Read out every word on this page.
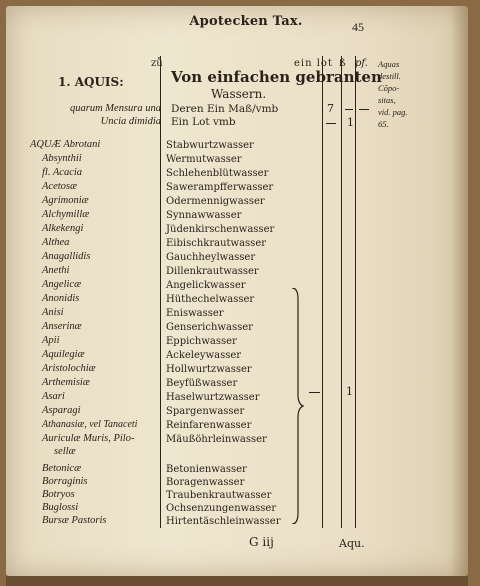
Apotecken Tax.	45
zů	ein lot ß pf.
1. AQUIS:	Von einfachen gebranten
Wassern.
Aquas
destill.
Cõpo-
sitas,
vid. pag.
65.
quarum Mensura una Deren Ein Maß/vmb	7
Uncia dimidia Ein Lot vmb	1
AQUÆ Abrotani	Stabwurtzwasser
Absynthii	Wermutwasser
fl. Acacia	Schlehenblütwasser
Acetosæ	Sawerampfferwasser
Agrimoniæ	Odermennigwasser
Alchymillæ	Synnawwasser
Alkekengi	Jüdenkirschenwasser
Althea	Eibischkrautwasser
Anagallidis	Gauchheylwasser
Anethi	Dillenkrautwasser
Angelicæ	Angelickwasser
Anonidis	Hüthechelwasser
Anisi	Eniswasser
Anserinæ	Genserichwasser
Apii	Eppichwasser
Aquilegiæ	Ackeleywasser
Aristolochiæ	Hollwurtzwasser
Arthemisiæ	Beyfüßwasser
Asari	Haselwurtzwasser
Asparagi	Spargenwasser
Athanasiæ, vel Tanaceti	Reinfarenwasser
Auriculæ Muris, Pilo-	Mäußöhrleinwasser
sellæ
Betonicæ	Betonienwasser
Borraginis	Boragenwasser
Botryos	Traubenkrautwasser
Buglossi	Ochsenzungenwasser
Bursæ Pastoris	Hirtentäschleinwasser
1
G iij	Aqu.
